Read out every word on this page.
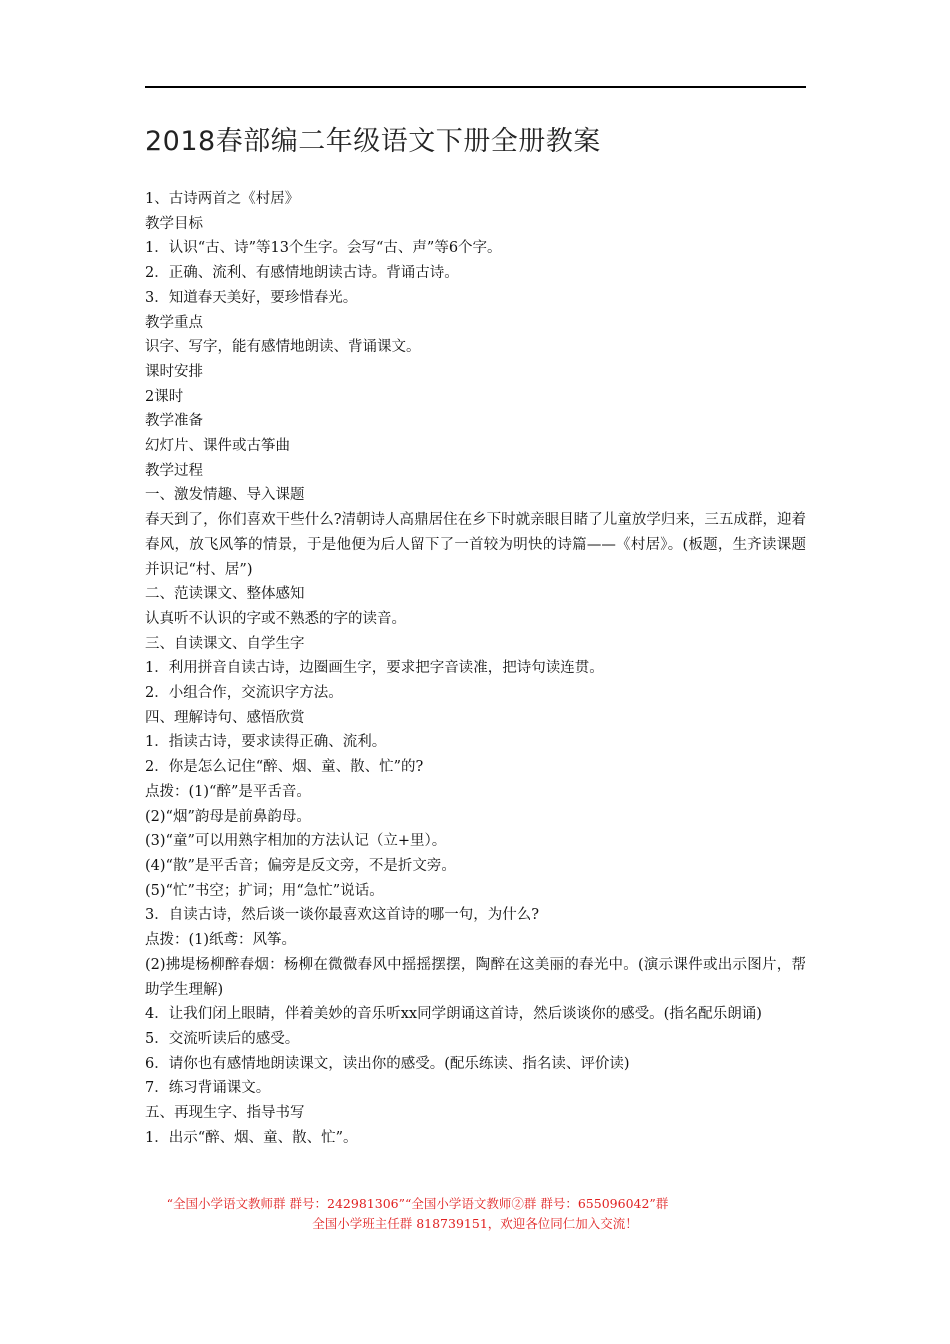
2018春部编二年级语文下册全册教案

1、古诗两首之《村居》

教学目标

1．认识“古、诗”等13个生字。会写“古、声”等6个字。

2．正确、流利、有感情地朗读古诗。背诵古诗。

3．知道春天美好，要珍惜春光。

教学重点

识字、写字，能有感情地朗读、背诵课文。

课时安排

2课时

教学准备

幻灯片、课件或古筝曲

教学过程

一、激发情趣、导入课题

春天到了，你们喜欢干些什么?清朝诗人高鼎居住在乡下时就亲眼目睹了儿童放学归来，三五成群，迎着春风，放飞风筝的情景，于是他便为后人留下了一首较为明快的诗篇——《村居》。(板题，生齐读课题并识记“村、居”)

二、范读课文、整体感知

认真听不认识的字或不熟悉的字的读音。

三、自读课文、自学生字

1．利用拼音自读古诗，边圈画生字，要求把字音读准，把诗句读连贯。

2．小组合作，交流识字方法。

四、理解诗句、感悟欣赏

1．指读古诗，要求读得正确、流利。

2．你是怎么记住“醉、烟、童、散、忙”的?

点拨：(1)“醉”是平舌音。

(2)“烟”韵母是前鼻韵母。

(3)“童”可以用熟字相加的方法认记（立+里）。

(4)“散”是平舌音；偏旁是反文旁，不是折文旁。

(5)“忙”书空；扩词；用“急忙”说话。

3．自读古诗，然后谈一谈你最喜欢这首诗的哪一句，为什么?

点拨：(1)纸鸢：风筝。

(2)拂堤杨柳醉春烟：杨柳在微微春风中摇摇摆摆，陶醉在这美丽的春光中。(演示课件或出示图片，帮助学生理解)

4．让我们闭上眼睛，伴着美妙的音乐听xx同学朗诵这首诗，然后谈谈你的感受。(指名配乐朗诵)

5．交流听读后的感受。

6．请你也有感情地朗读课文，读出你的感受。(配乐练读、指名读、评价读)

7．练习背诵课文。

五、再现生字、指导书写

1．出示“醉、烟、童、散、忙”。

“全国小学语文教师群 群号：242981306”“全国小学语文教师②群 群号：655096042”群
全国小学班主任群 818739151，欢迎各位同仁加入交流！
